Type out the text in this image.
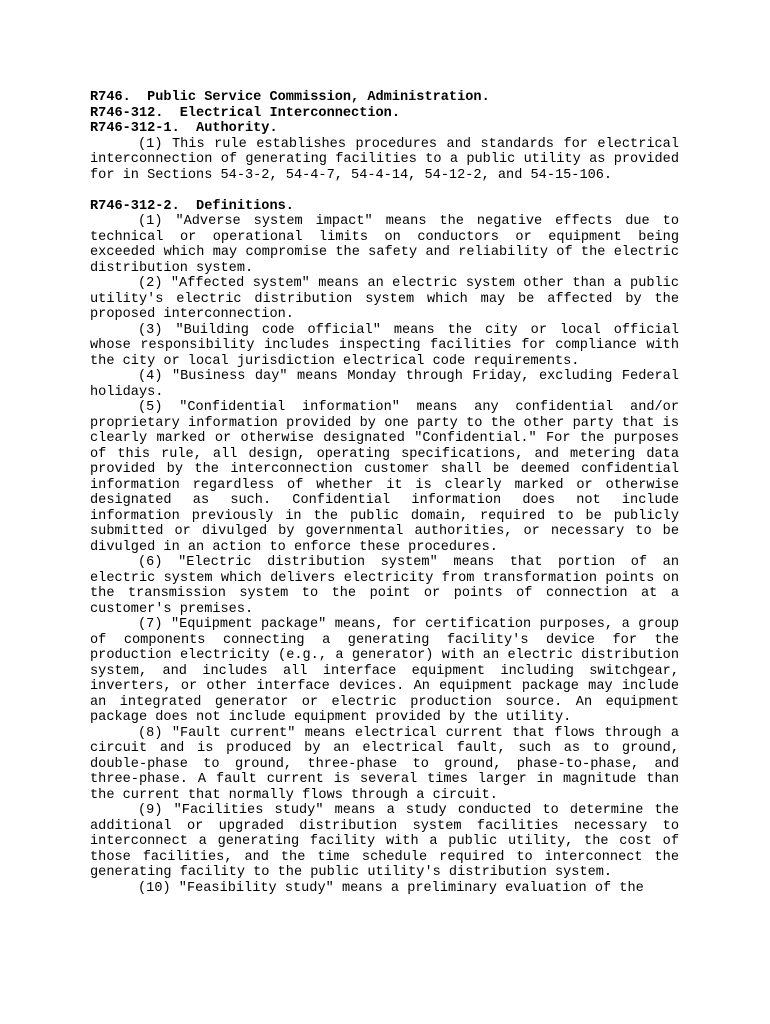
R746.  Public Service Commission, Administration.
R746-312.  Electrical Interconnection.
R746-312-1.  Authority.

(1) This rule establishes procedures and standards for electrical interconnection of generating facilities to a public utility as provided for in Sections 54-3-2, 54-4-7, 54-4-14, 54-12-2, and 54-15-106.

R746-312-2.  Definitions.

(1) "Adverse system impact" means the negative effects due to technical or operational limits on conductors or equipment being exceeded which may compromise the safety and reliability of the electric distribution system.

(2) "Affected system" means an electric system other than a public utility's electric distribution system which may be affected by the proposed interconnection.

(3) "Building code official" means the city or local official whose responsibility includes inspecting facilities for compliance with the city or local jurisdiction electrical code requirements.

(4) "Business day" means Monday through Friday, excluding Federal holidays.

(5) "Confidential information" means any confidential and/or proprietary information provided by one party to the other party that is clearly marked or otherwise designated "Confidential." For the purposes of this rule, all design, operating specifications, and metering data provided by the interconnection customer shall be deemed confidential information regardless of whether it is clearly marked or otherwise designated as such. Confidential information does not include information previously in the public domain, required to be publicly submitted or divulged by governmental authorities, or necessary to be divulged in an action to enforce these procedures.

(6) "Electric distribution system" means that portion of an electric system which delivers electricity from transformation points on the transmission system to the point or points of connection at a customer's premises.

(7) "Equipment package" means, for certification purposes, a group of components connecting a generating facility's device for the production electricity (e.g., a generator) with an electric distribution system, and includes all interface equipment including switchgear, inverters, or other interface devices. An equipment package may include an integrated generator or electric production source. An equipment package does not include equipment provided by the utility.

(8) "Fault current" means electrical current that flows through a circuit and is produced by an electrical fault, such as to ground, double-phase to ground, three-phase to ground, phase-to-phase, and three-phase. A fault current is several times larger in magnitude than the current that normally flows through a circuit.

(9) "Facilities study" means a study conducted to determine the additional or upgraded distribution system facilities necessary to interconnect a generating facility with a public utility, the cost of those facilities, and the time schedule required to interconnect the generating facility to the public utility's distribution system.

(10) "Feasibility study" means a preliminary evaluation of the
